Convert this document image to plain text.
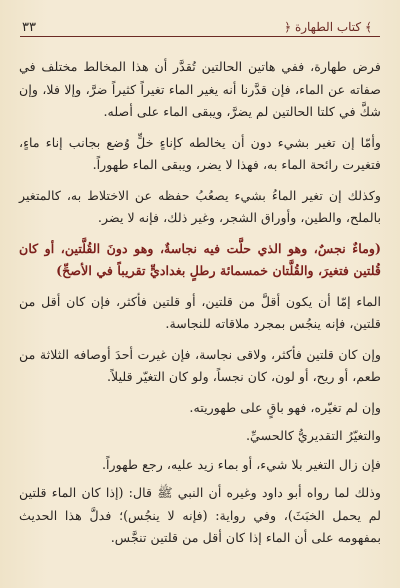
﴾ كتاب الطهارة ﴿
٣٣

فرض طهارة، ففي هاتين الحالتين تُقدَّر أن هذا المخالط مختلف في صفاته عن الماء، فإن قدَّرنا أنه يغير الماء تغيراً كثيراً ضرَّ، وإلا فلا، وإن شكَّ في كلتا الحالتين لم يضرَّ، ويبقى الماء على أصله.

وأمّا إن تغير بشيء دون أن يخالطه كإناءٍ خلٍّ وُضع بجانب إناء ماءٍ، فتغيرت رائحة الماء به، فهذا لا يضر، ويبقى الماء طهوراً.

وكذلك إن تغير الماءُ بشيء يصعُبُ حفظه عن الاختلاط به، كالمتغير بالملح، والطين، وأوراق الشجر، وغير ذلك، فإنه لا يضر.

(وماءٌ نجسٌ، وهو الذي حلَّت فيه نجاسةٌ، وهو دونَ القُلَّتين، أو كان قُلتين فتغيرَ، والقُلَّتان خمسمائة رطلٍ بغداديٍّ تقريباً في الأصحِّ)

الماء إمّا أن يكون أقلَّ من قلتين، أو قلتين فأكثر، فإن كان أقل من قلتين، فإنه ينجُس بمجرد ملاقاته للنجاسة.

وإن كان قلتين فأكثر، ولاقى نجاسة، فإن غيرت أحدَ أوصافه الثلاثة من طعم، أو ريح، أو لون، كان نجساً، ولو كان التغيّر قليلاً.

وإن لم تغيّره، فهو باقٍ على طهوريته.

والتغيّرُ التقديريُّ كالحسيِّ.

فإن زال التغير بلا شيء، أو بماء زيد عليه، رجع طهوراً.

وذلك لما رواه أبو داود وغيره أن النبي ﷺ قال: (إذا كان الماء قلتين لم يحمل الخبَثَ)، وفي رواية: (فإنه لا ينجُس)؛ فدلَّ هذا الحديث بمفهومه على أن الماء إذا كان أقل من قلتين تنجَّس.
